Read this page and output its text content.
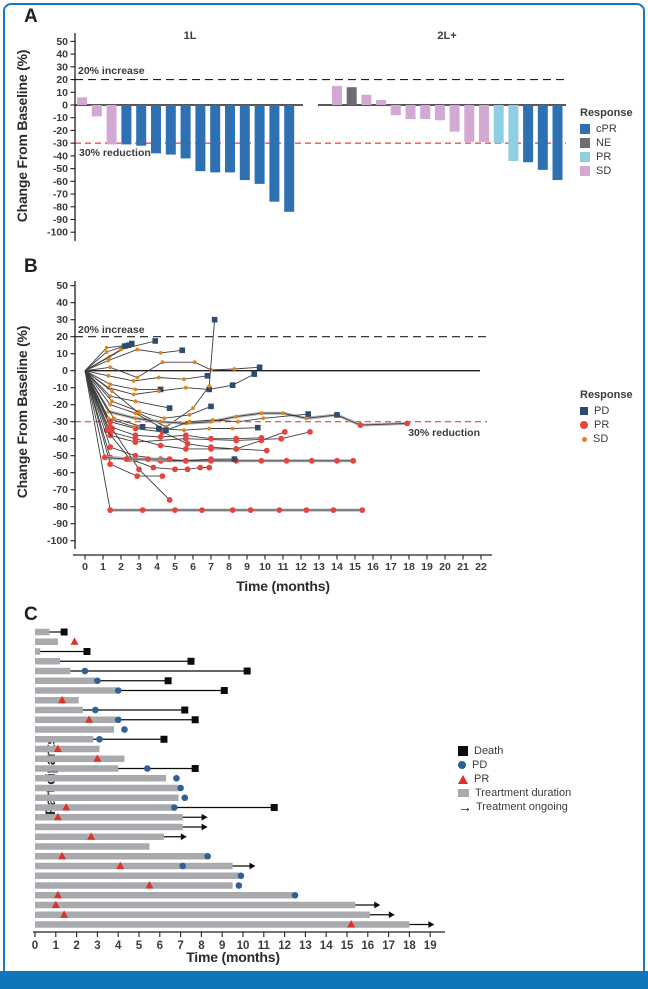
A
B
C
Change From Baseline (%)
1L	2L+
20% increase
30% reduction
Response
cPR
NE
PR
SD
Change From Baseline (%)	20% increase
30% reduction
Time (months)
Response
PD
PR
SD
Time (months)
Death
PD
PR
Treartment duration
→ Treatment ongoing
50
40
30
20
10
0
-10
-20
-30
-40
-50
-60
-70
-80
-90
-100
50
40
30
20
10
0
-10
-20
-30
-40
-50
-60
-70
-80
-90
-100
0 1 2 3 4 5 6 7 8 9 10 11 12 13 14 15 16 17 18 19 20 21 22
0 1 2 3 4 5 6 7 8 9 10 11 12 13 14 15 16 17 18 19
